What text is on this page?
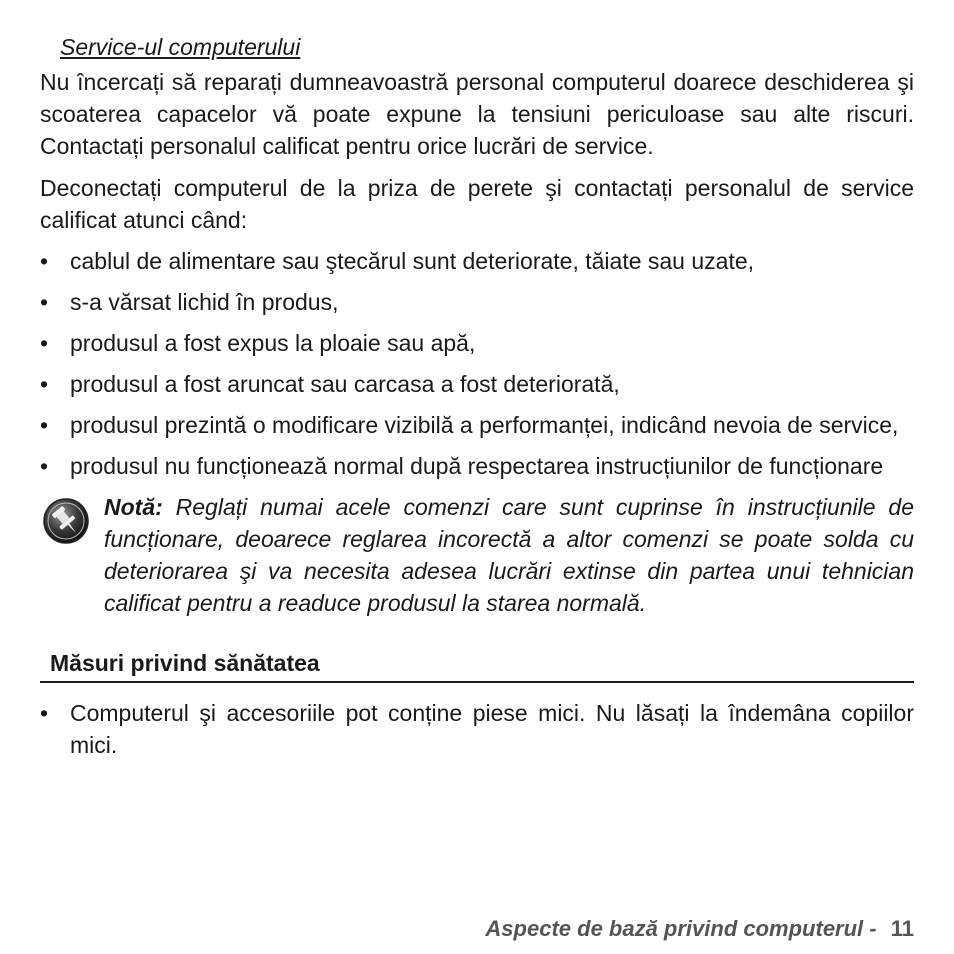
Service-ul computerului

Nu încercați să reparați dumneavoastră personal computerul doarece deschiderea şi scoaterea capacelor vă poate expune la tensiuni periculoase sau alte riscuri. Contactați personalul calificat pentru orice lucrări de service.

Deconectați computerul de la priza de perete şi contactați personalul de service calificat atunci când:

• cablul de alimentare sau ştecărul sunt deteriorate, tăiate sau uzate,
• s-a vărsat lichid în produs,
• produsul a fost expus la ploaie sau apă,
• produsul a fost aruncat sau carcasa a fost deteriorată,
• produsul prezintă o modificare vizibilă a performanței, indicând nevoia de service,
• produsul nu funcționează normal după respectarea instrucțiunilor de funcționare
Notă: Reglați numai acele comenzi care sunt cuprinse în instrucțiunile de funcționare, deoarece reglarea incorectă a altor comenzi se poate solda cu deteriorarea şi va necesita adesea lucrări extinse din partea unui tehnician calificat pentru a readuce produsul la starea normală.
Măsuri privind sănătatea
• Computerul şi accesoriile pot conține piese mici. Nu lăsați la îndemâna copiilor mici.
Aspecte de bază privind computerul - 11
